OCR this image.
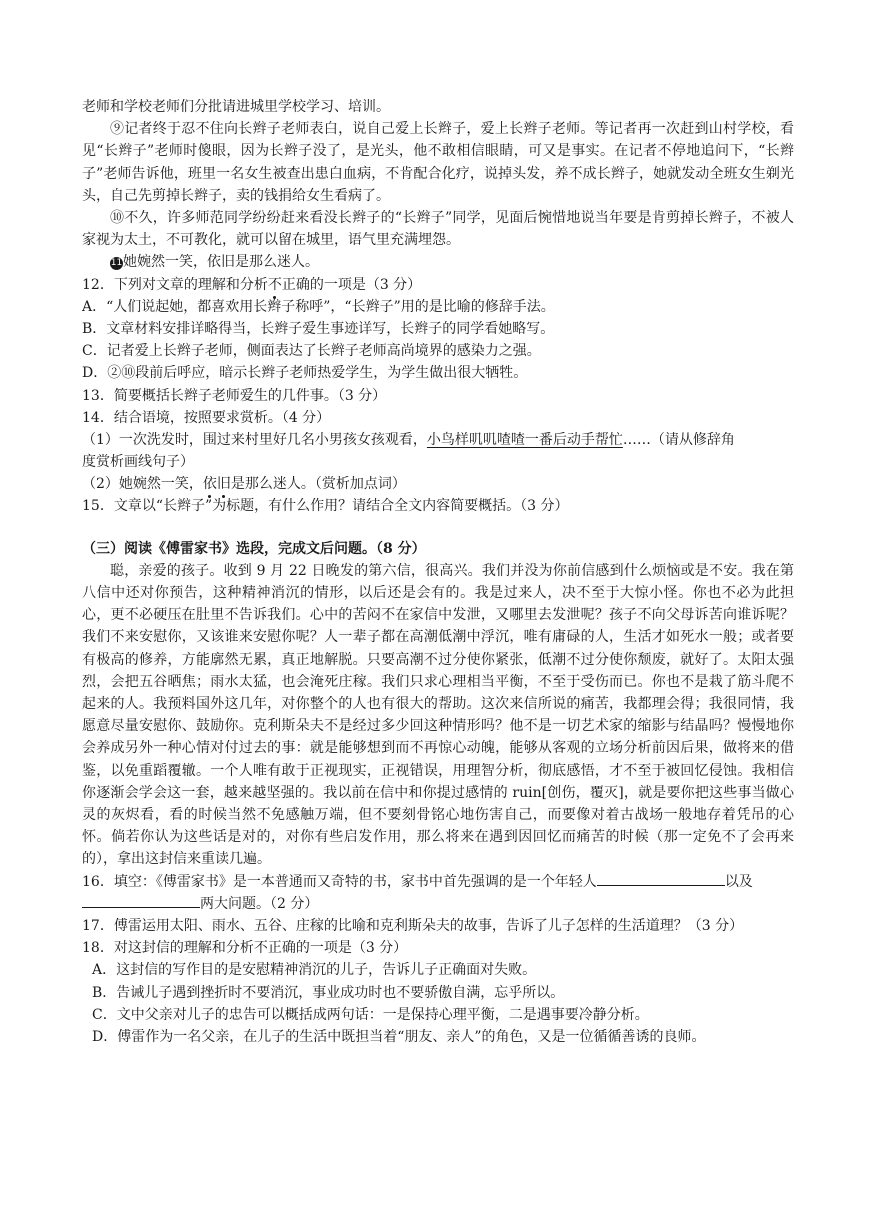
老师和学校老师们分批请进城里学校学习、培训。
⑨记者终于忍不住向长辫子老师表白，说自己爱上长辫子，爱上长辫子老师。等记者再一次赶到山村学校，看见“长辫子”老师时傻眼，因为长辫子没了，是光头，他不敢相信眼睛，可又是事实。在记者不停地追问下，“长辫子”老师告诉他，班里一名女生被查出患白血病，不肯配合化疗，说掉头发，养不成长辫子，她就发动全班女生剃光头，自己先剪掉长辫子，卖的钱捐给女生看病了。
⑩不久，许多师范同学纷纷赶来看没长辫子的“长辫子”同学，见面后惋惜地说当年要是肯剪掉长辫子，不被人家视为太土，不可教化，就可以留在城里，语气里充满埋怨。
11她婉然一笑，依旧是那么迷人。
12．下列对文章的理解和分析不正确的一项是（3 分）
A．“人们说起她，都喜欢用长辫子称呼”，“长辫子”用的是比喻的修辞手法。
B．文章材料安排详略得当，长辫子爱生事迹详写，长辫子的同学看她略写。
C．记者爱上长辫子老师，侧面表达了长辫子老师高尚境界的感染力之强。
D．②⑩段前后呼应，暗示长辫子老师热爱学生，为学生做出很大牺牲。
13．简要概括长辫子老师爱生的几件事。（3 分）
14．结合语境，按照要求赏析。（4 分）
（1）一次洗发时，围过来村里好几名小男孩女孩观看，小鸟样叽叽喳喳一番后动手帮忙……（请从修辞角
度赏析画线句子）
（2）她婉然一笑，依旧是那么迷人。（赏析加点词）
15．文章以“长辫子”为标题，有什么作用？请结合全文内容简要概括。（3 分）
（三）阅读《傅雷家书》选段，完成文后问题。（8 分）
聪，亲爱的孩子。收到 9 月 22 日晚发的第六信，很高兴。我们并没为你前信感到什么烦恼或是不安。我在第八信中还对你预告，这种精神消沉的情形，以后还是会有的。我是过来人，决不至于大惊小怪。你也不必为此担心，更不必硬压在肚里不告诉我们。心中的苦闷不在家信中发泄，又哪里去发泄呢？孩子不向父母诉苦向谁诉呢？我们不来安慰你，又该谁来安慰你呢？人一辈子都在高潮低潮中浮沉，唯有庸碌的人，生活才如死水一般；或者要有极高的修养，方能廓然无累，真正地解脱。只要高潮不过分使你紧张，低潮不过分使你颓废，就好了。太阳太强烈，会把五谷晒焦；雨水太猛，也会淹死庄稼。我们只求心理相当平衡，不至于受伤而已。你也不是栽了筋斗爬不起来的人。我预料国外这几年，对你整个的人也有很大的帮助。这次来信所说的痛苦，我都理会得；我很同情，我愿意尽量安慰你、鼓励你。克利斯朵夫不是经过多少回这种情形吗？他不是一切艺术家的缩影与结晶吗？慢慢地你会养成另外一种心情对付过去的事：就是能够想到而不再惊心动魄，能够从客观的立场分析前因后果，做将来的借鉴，以免重蹈覆辙。一个人唯有敢于正视现实，正视错误，用理智分析，彻底感悟，才不至于被回忆侵蚀。我相信你逐渐会学会这一套，越来越坚强的。我以前在信中和你提过感情的 ruin[创伤，覆灭]，就是要你把这些事当做心灵的灰烬看，看的时候当然不免感触万端，但不要刻骨铭心地伤害自己，而要像对着古战场一般地存着凭吊的心怀。倘若你认为这些话是对的，对你有些启发作用，那么将来在遇到因回忆而痛苦的时候（那一定免不了会再来的），拿出这封信来重读几遍。
16．填空：《傅雷家书》是一本普通而又奇特的书，家书中首先强调的是一个年轻人	以及
两大问题。（2 分）
17．傅雷运用太阳、雨水、五谷、庄稼的比喻和克利斯朵夫的故事，告诉了儿子怎样的生活道理？（3 分）
18．对这封信的理解和分析不正确的一项是（3 分）
A．这封信的写作目的是安慰精神消沉的儿子，告诉儿子正确面对失败。
B．告诫儿子遇到挫折时不要消沉，事业成功时也不要骄傲自满，忘乎所以。
C．文中父亲对儿子的忠告可以概括成两句话：一是保持心理平衡，二是遇事要冷静分析。
D．傅雷作为一名父亲，在儿子的生活中既担当着“朋友、亲人”的角色，又是一位循循善诱的良师。
